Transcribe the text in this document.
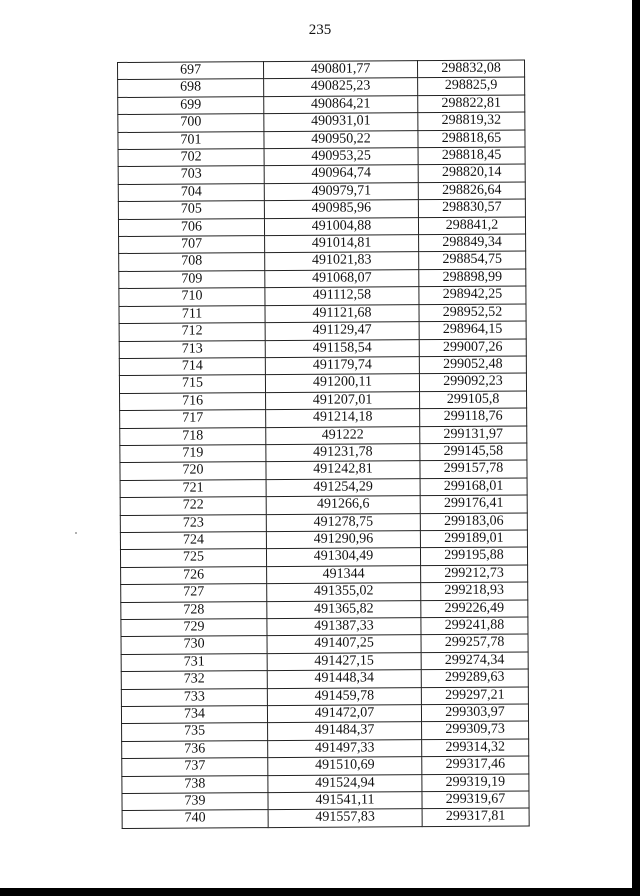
235
697	490801,77	298832,08
698	490825,23	298825,9
699	490864,21	298822,81
700	490931,01	298819,32
701	490950,22	298818,65
702	490953,25	298818,45
703	490964,74	298820,14
704	490979,71	298826,64
705	490985,96	298830,57
706	491004,88	298841,2
707	491014,81	298849,34
708	491021,83	298854,75
709	491068,07	298898,99
710	491112,58	298942,25
711	491121,68	298952,52
712	491129,47	298964,15
713	491158,54	299007,26
714	491179,74	299052,48
715	491200,11	299092,23
716	491207,01	299105,8
717	491214,18	299118,76
718	491222	299131,97
719	491231,78	299145,58
720	491242,81	299157,78
721	491254,29	299168,01
722	491266,6	299176,41
723	491278,75	299183,06
724	491290,96	299189,01
725	491304,49	299195,88
726	491344	299212,73
727	491355,02	299218,93
728	491365,82	299226,49
729	491387,33	299241,88
730	491407,25	299257,78
731	491427,15	299274,34
732	491448,34	299289,63
733	491459,78	299297,21
734	491472,07	299303,97
735	491484,37	299309,73
736	491497,33	299314,32
737	491510,69	299317,46
738	491524,94	299319,19
739	491541,11	299319,67
740	491557,83	299317,81
